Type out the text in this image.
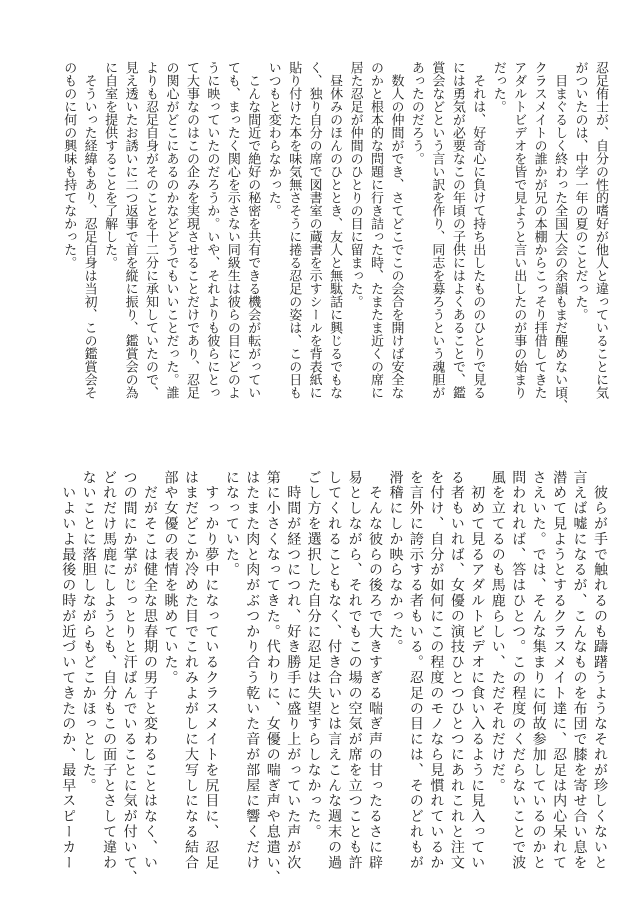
忍足侑士が、自分の性的嗜好が他人と違っていることに気
がついたのは、中学一年の夏のことだった。
　目まぐるしく終わった全国大会の余韻もまだ醒めない頃、
クラスメイトの誰かが兄の本棚からこっそり拝借してきた
アダルトビデオを皆で見ようと言い出したのが事の始まり
だった。
　それは、好奇心に負けて持ち出したもののひとりで見る
には勇気が必要なこの年頃の子供にはよくあることで、鑑
賞会などという言い訳を作り、同志を募ろうという魂胆が
あったのだろう。
　数人の仲間ができ、さてどこでこの会合を開けば安全な
のかと根本的な問題に行き詰った時、たまたま近くの席に
居た忍足が仲間のひとりの目に留まった。
　昼休みのほんのひととき、友人と無駄話に興じるでもな
く、独り自分の席で図書室の蔵書を示すシールを背表紙に
貼り付けた本を味気無さそうに捲る忍足の姿は、この日も
いつもと変わらなかった。
　こんな間近で絶好の秘密を共有できる機会が転がってい
ても、まったく関心を示さない同級生は彼らの目にどのよ
うに映っていたのだろうか。いや、それよりも彼らにとっ
て大事なのはこの企みを実現させることだけであり、忍足
の関心がどこにあるのかなどどうでもいいことだった。誰
よりも忍足自身がそのことを十二分に承知していたので、
見え透いたお誘いに二つ返事で首を縦に振り、鑑賞会の為
に自室を提供することを了解した。
　そういった経緯もあり、忍足自身は当初、この鑑賞会そ
のものに何の興味も持てなかった。
　彼らが手で触れるのも躊躇うようなそれが珍しくないと
言えば嘘になるが、こんなものを布団で膝を寄せ合い息を
潜めて見ようとするクラスメイト達に、忍足は内心呆れて
さえいた。では、そんな集まりに何故参加しているのかと
問われれば、答はひとつ。この程度のくだらないことで波
風を立てるのも馬鹿らしい、ただそれだけだ。
　初めて見るアダルトビデオに食い入るように見入ってい
る者もいれば、女優の演技ひとつひとつにあれこれと注文
を付け、自分が如何にこの程度のモノなら見慣れているか
を言外に誇示する者もいる。忍足の目には、そのどれもが
滑稽にしか映らなかった。
　そんな彼らの後ろで大きすぎる喘ぎ声の甘ったるさに辟
易としながら、それでもこの場の空気が席を立つことも許
してくれることもなく、付き合いとは言えこんな週末の過
ごし方を選択した自分に忍足は失望すらしなかった。
　時間が経つにつれ、好き勝手に盛り上がっていた声が次
第に小さくなってきた。代わりに、女優の喘ぎ声や息遣い、
はたまた肉と肉がぶつかり合う乾いた音が部屋に響くだけ
になっていた。
　すっかり夢中になっているクラスメイトを尻目に、忍足
はまだどこか冷めた目でこれみよがしに大写しになる結合
部や女優の表情を眺めていた。
　だがそこは健全な思春期の男子と変わることはなく、い
つの間にか掌がじっとりと汗ばんでいることに気が付いて、
どれだけ馬鹿にしようとも、自分もこの面子とさして違わ
ないことに落胆しながらもどこかほっとした。
　いよいよ最後の時が近づいてきたのか、最早スピーカー
